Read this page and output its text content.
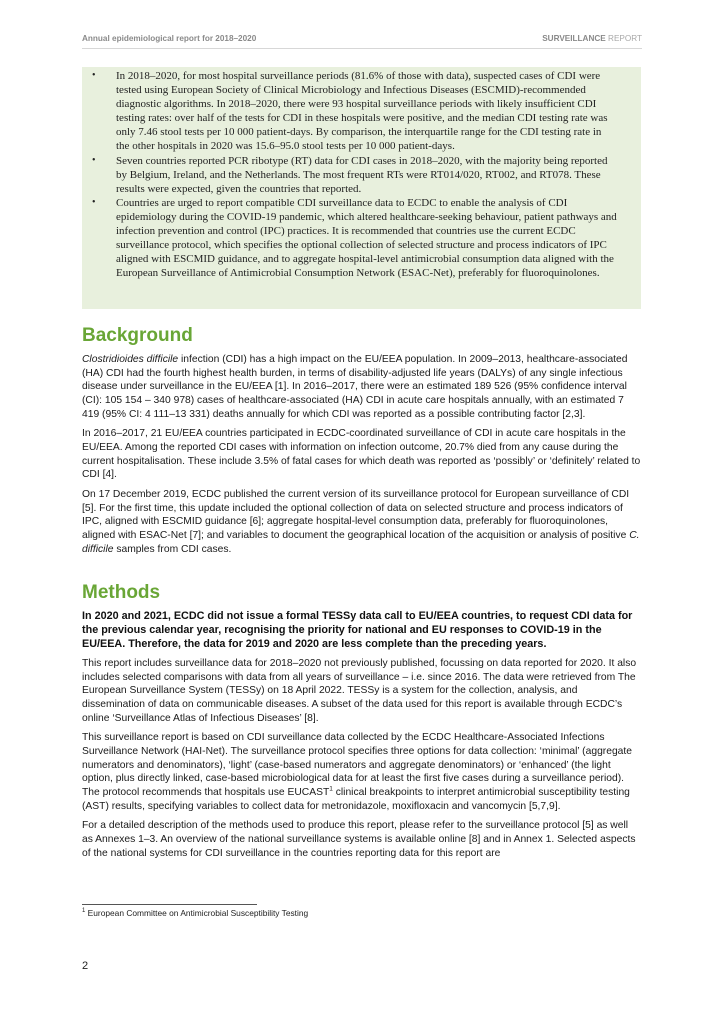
Annual epidemiological report for 2018–2020	SURVEILLANCE REPORT
• In 2018–2020, for most hospital surveillance periods (81.6% of those with data), suspected cases of CDI were tested using European Society of Clinical Microbiology and Infectious Diseases (ESCMID)-recommended diagnostic algorithms. In 2018–2020, there were 93 hospital surveillance periods with likely insufficient CDI testing rates: over half of the tests for CDI in these hospitals were positive, and the median CDI testing rate was only 7.46 stool tests per 10 000 patient-days. By comparison, the interquartile range for the CDI testing rate in the other hospitals in 2020 was 15.6–95.0 stool tests per 10 000 patient-days.
• Seven countries reported PCR ribotype (RT) data for CDI cases in 2018–2020, with the majority being reported by Belgium, Ireland, and the Netherlands. The most frequent RTs were RT014/020, RT002, and RT078. These results were expected, given the countries that reported.
• Countries are urged to report compatible CDI surveillance data to ECDC to enable the analysis of CDI epidemiology during the COVID-19 pandemic, which altered healthcare-seeking behaviour, patient pathways and infection prevention and control (IPC) practices. It is recommended that countries use the current ECDC surveillance protocol, which specifies the optional collection of selected structure and process indicators of IPC aligned with ESCMID guidance, and to aggregate hospital-level antimicrobial consumption data aligned with the European Surveillance of Antimicrobial Consumption Network (ESAC-Net), preferably for fluoroquinolones.
Background

Clostridioides difficile infection (CDI) has a high impact on the EU/EEA population. In 2009–2013, healthcare-associated (HA) CDI had the fourth highest health burden, in terms of disability-adjusted life years (DALYs) of any single infectious disease under surveillance in the EU/EEA [1]. In 2016–2017, there were an estimated 189 526 (95% confidence interval (CI): 105 154 – 340 978) cases of healthcare-associated (HA) CDI in acute care hospitals annually, with an estimated 7 419 (95% CI: 4 111–13 331) deaths annually for which CDI was reported as a possible contributing factor [2,3].

In 2016–2017, 21 EU/EEA countries participated in ECDC-coordinated surveillance of CDI in acute care hospitals in the EU/EEA. Among the reported CDI cases with information on infection outcome, 20.7% died from any cause during the current hospitalisation. These include 3.5% of fatal cases for which death was reported as ‘possibly’ or ‘definitely’ related to CDI [4].

On 17 December 2019, ECDC published the current version of its surveillance protocol for European surveillance of CDI [5]. For the first time, this update included the optional collection of data on selected structure and process indicators of IPC, aligned with ESCMID guidance [6]; aggregate hospital-level consumption data, preferably for fluoroquinolones, aligned with ESAC-Net [7]; and variables to document the geographical location of the acquisition or analysis of positive C. difficile samples from CDI cases.

Methods

In 2020 and 2021, ECDC did not issue a formal TESSy data call to EU/EEA countries, to request CDI data for the previous calendar year, recognising the priority for national and EU responses to COVID-19 in the EU/EEA. Therefore, the data for 2019 and 2020 are less complete than the preceding years.

This report includes surveillance data for 2018–2020 not previously published, focussing on data reported for 2020. It also includes selected comparisons with data from all years of surveillance – i.e. since 2016. The data were retrieved from The European Surveillance System (TESSy) on 18 April 2022. TESSy is a system for the collection, analysis, and dissemination of data on communicable diseases. A subset of the data used for this report is available through ECDC’s online ‘Surveillance Atlas of Infectious Diseases’ [8].

This surveillance report is based on CDI surveillance data collected by the ECDC Healthcare-Associated Infections Surveillance Network (HAI-Net). The surveillance protocol specifies three options for data collection: ‘minimal’ (aggregate numerators and denominators), ‘light’ (case-based numerators and aggregate denominators) or ‘enhanced’ (the light option, plus directly linked, case-based microbiological data for at least the first five cases during a surveillance period). The protocol recommends that hospitals use EUCAST$^1$ clinical breakpoints to interpret antimicrobial susceptibility testing (AST) results, specifying variables to collect data for metronidazole, moxifloxacin and vancomycin [5,7,9].

For a detailed description of the methods used to produce this report, please refer to the surveillance protocol [5] as well as Annexes 1–3. An overview of the national surveillance systems is available online [8] and in Annex 1. Selected aspects of the national systems for CDI surveillance in the countries reporting data for this report are

$^1$ European Committee on Antimicrobial Susceptibility Testing
2
